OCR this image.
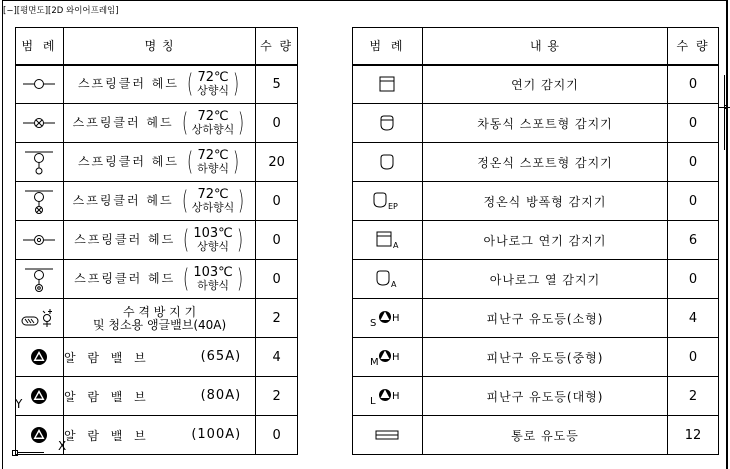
[−][평면도][2D 와이어프레임]
범 례	명 칭	수 량

	스프링클러 헤드 ( 72℃
상향식 )	5

	스프링클러 헤드 ( 72℃
상하향식 )	0

	스프링클러 헤드 ( 72℃
하향식 )	20

	스프링클러 헤드 ( 72℃
상하향식 )	0

	스프링클러 헤드 ( 103℃
상향식 )	0

	스프링클러 헤드 ( 103℃
하향식 )	0

수 격 방 지 기
및 청소용 앵글밸브(40A)	2

알 람 밸 브 (65A)	4

알 람 밸 브 (80A)	2

알 람 밸 브 (100A)	0
범 례	내 용	수 량

	연기 감지기	0

	차동식 스포트형 감지기	0

	정온식 스포트형 감지기	0

EP	정온식 방폭형 감지기	0

A	아나로그 연기 감지기	6

A	아나로그 열 감지기	0

S H	피난구 유도등(소형)	4

M H	피난구 유도등(중형)	0

L H	피난구 유도등(대형)	2

	통로 유도등	12
Y
X
